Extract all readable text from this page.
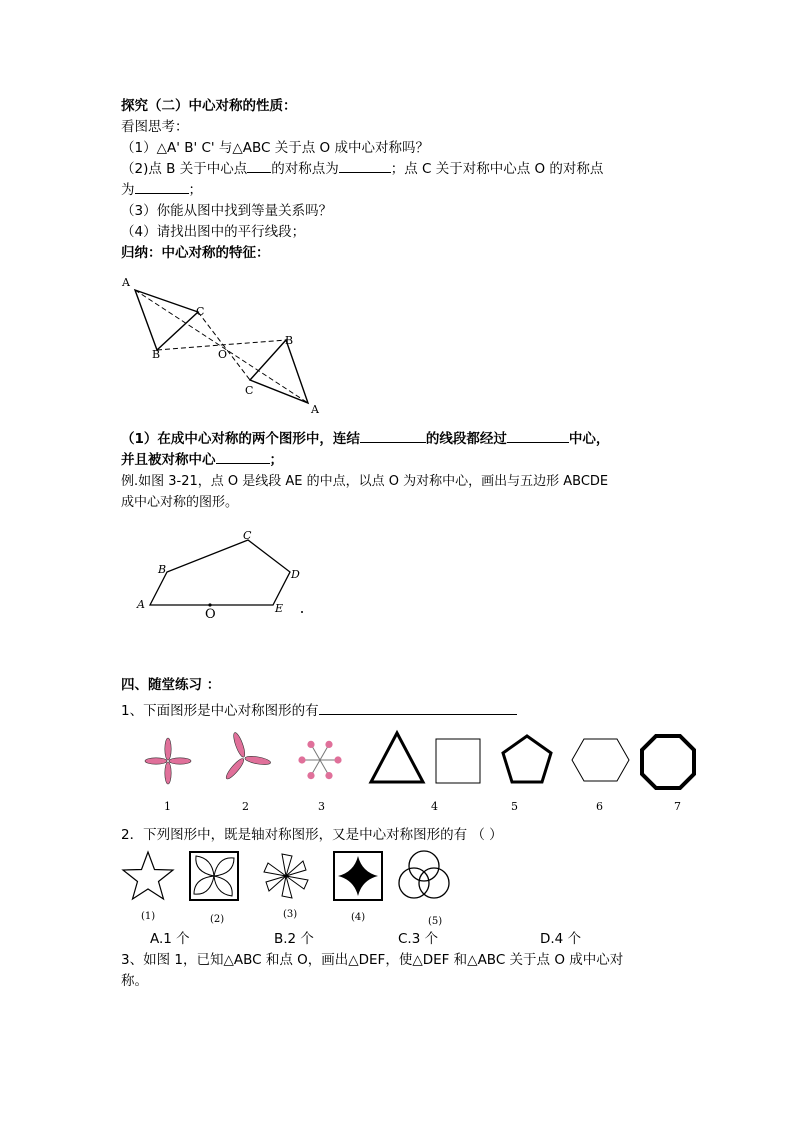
探究（二）中心对称的性质：
看图思考：
（1）△A' B' C' 与△ABC 关于点 O 成中心对称吗？
（2)点 B 关于中心点 的对称点为	；点 C 关于对称中心点 O 的对称点
为	；
（3）你能从图中找到等量关系吗？
（4）请找出图中的平行线段；
归纳：中心对称的特征：
A
C
B	O
B
C
A
（1）在成中心对称的两个图形中，连结	的线段都经过	中心，
并且被对称中心	；
例.如图 3-21，点 O 是线段 AE 的中点，以点 O 为对称中心，画出与五边形 ABCDE
成中心对称的图形。
A
B
C
D
E
O
四、随堂练习 ：
1、下面图形是中心对称图形的有
1	2	3	4	5	6	7
2．下列图形中，既是轴对称图形，又是中心对称图形的有 （ ）
(1)	(2)	(3)	(4)	(5)
A.1 个	B.2 个	C.3 个	D.4 个
3、如图 1，已知△ABC 和点 O，画出△DEF，使△DEF 和△ABC 关于点 O 成中心对
称。
